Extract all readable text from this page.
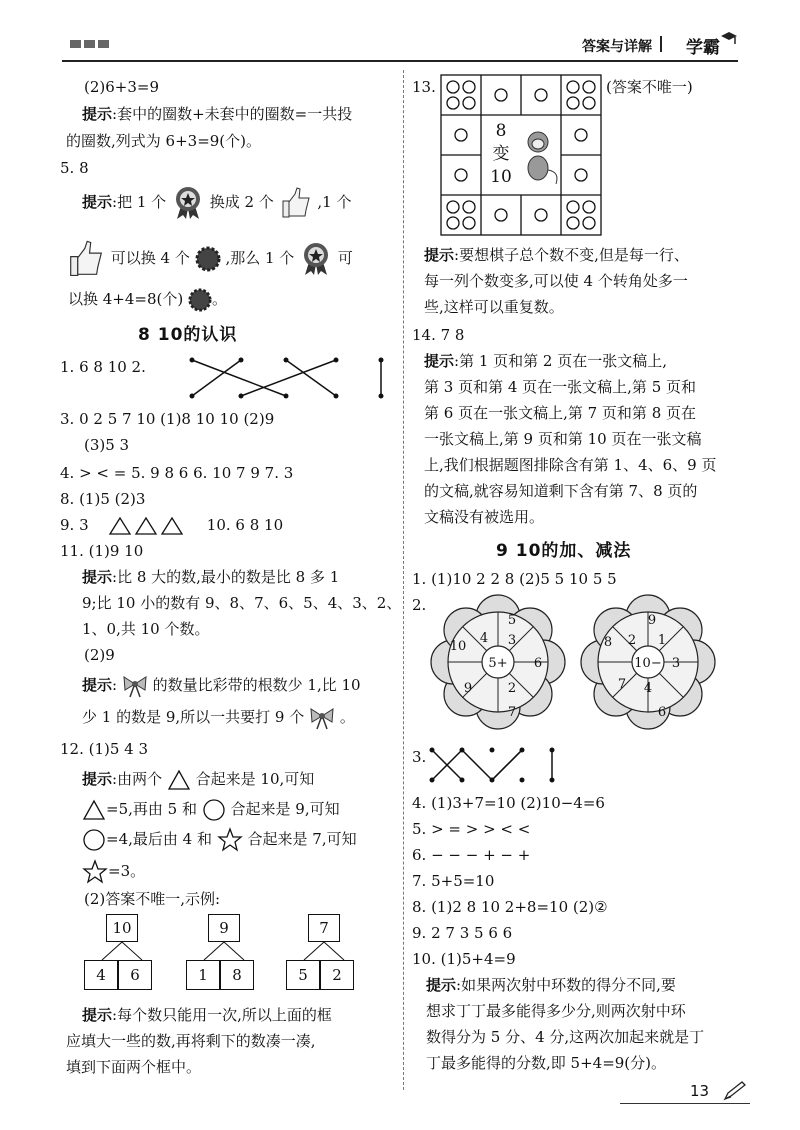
答案与详解 学霸
(2)6+3=9
提示:套中的圈数+未套中的圈数=一共投
的圈数,列式为 6+3=9(个)。
5. 8
提示:把 1 个	换成 2 个	,1 个
可以换 4 个 ,那么 1 个	可
以换 4+4=8(个) 。
8 10的认识
1. 6 8 10 2.
3. 0 2 5 7 10 (1)8 10 10 (2)9
(3)5 3
4. > < = 5. 9 8 6 6. 10 7 9 7. 3
8. (1)5 (2)3
9. 3	10. 6 8 10
11. (1)9 10
提示:比 8 大的数,最小的数是比 8 多 1
9;比 10 小的数有 9、8、7、6、5、4、3、2、
1、0,共 10 个数。
(2)9
提示:  的数量比彩带的根数少 1,比 10
少 1 的数是 9,所以一共要打 9 个 。
12. (1)5 4 3
提示:由两个 合起来是 10,可知
=5,再由 5 和 合起来是 9,可知
=4,最后由 4 和 合起来是 7,可知
=3。
(2)答案不唯一,示例:
10
4	6
9
1	8
7
5	2
提示:每个数只能用一次,所以上面的框
应填大一些的数,再将剩下的数凑一凑,
填到下面两个框中。
13.	(答案不唯一)
8
变
10
提示:要想棋子总个数不变,但是每一行、
每一列个数变多,可以使 4 个转角处多一
些,这样可以重复数。
14. 7 8
提示:第 1 页和第 2 页在一张文稿上,
第 3 页和第 4 页在一张文稿上,第 5 页和
第 6 页在一张文稿上,第 7 页和第 8 页在
一张文稿上,第 9 页和第 10 页在一张文稿
上,我们根据题图排除含有第 1、4、6、9 页
的文稿,就容易知道剩下含有第 7、8 页的
文稿没有被选用。
9 10的加、减法
1. (1)10 2 2 8 (2)5 5 10 5 5
2.
5+
5
3
6
2
7
9
4
10
10−
9
1
3
4
6
7
2
8
3.
4. (1)3+7=10 (2)10−4=6
5. > = > > < <
6. − − − + − +
7. 5+5=10
8. (1)2 8 10 2+8=10 (2)②
9. 2 7 3 5 6 6
10. (1)5+4=9
提示:如果两次射中环数的得分不同,要
想求丁丁最多能得多少分,则两次射中环
数得分为 5 分、4 分,这两次加起来就是丁
丁最多能得的分数,即 5+4=9(分)。
13
